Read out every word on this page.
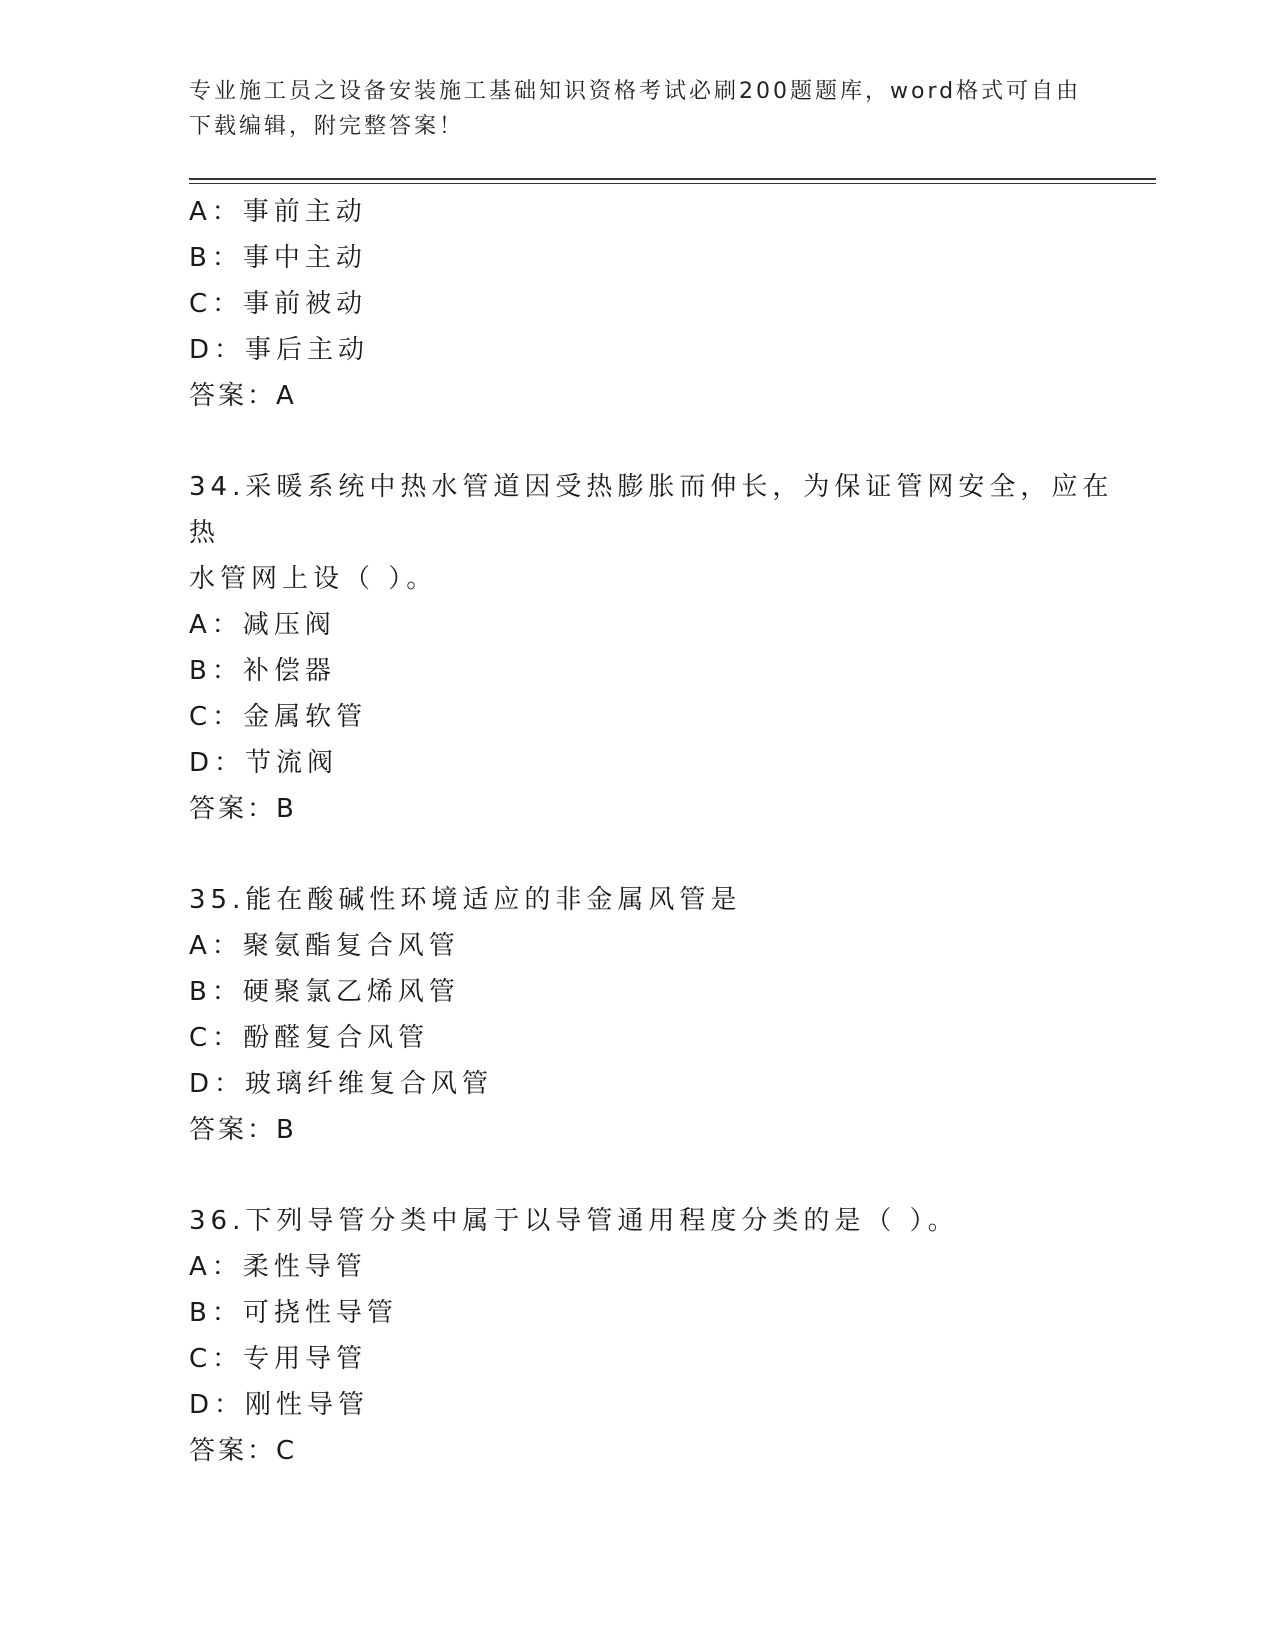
专业施工员之设备安装施工基础知识资格考试必刷200题题库，word格式可自由
下载编辑，附完整答案！
A：事前主动
B：事中主动
C：事前被动
D：事后主动
答案：A
34.采暖系统中热水管道因受热膨胀而伸长，为保证管网安全，应在热
水管网上设（ ）。
A：减压阀
B：补偿器
C：金属软管
D：节流阀
答案：B
35.能在酸碱性环境适应的非金属风管是
A：聚氨酯复合风管
B：硬聚氯乙烯风管
C：酚醛复合风管
D：玻璃纤维复合风管
答案：B
36.下列导管分类中属于以导管通用程度分类的是（ ）。
A：柔性导管
B：可挠性导管
C：专用导管
D：刚性导管
答案：C
